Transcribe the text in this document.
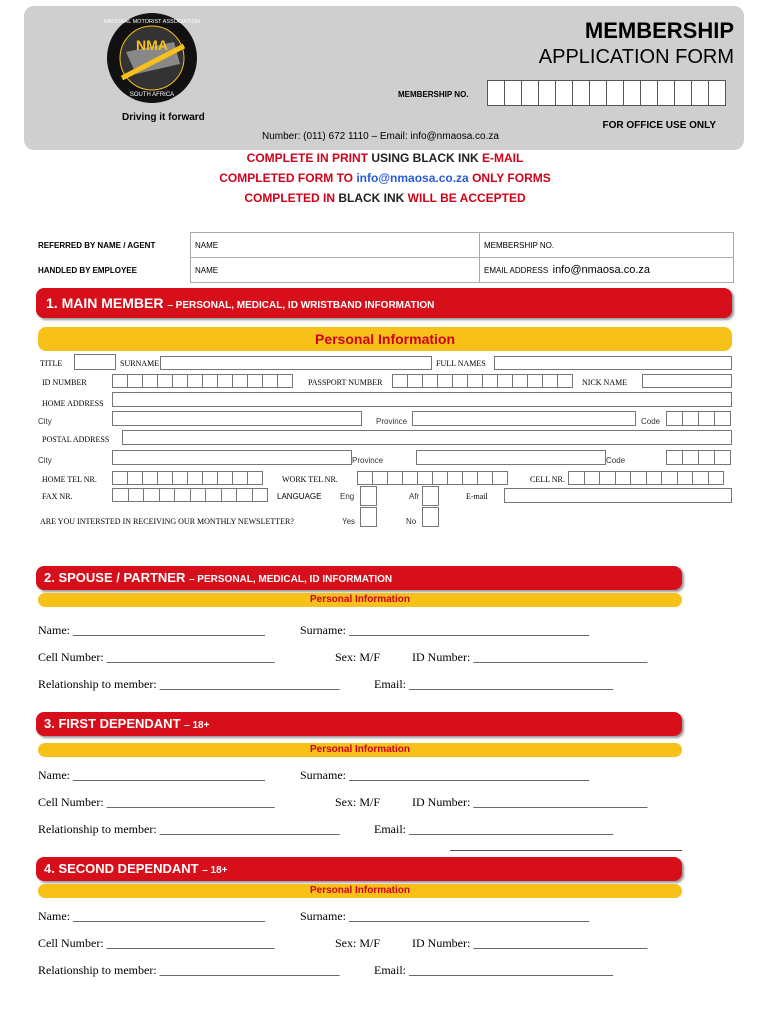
NMA
SOUTH AFRICA
NATIONAL MOTORIST ASSOCIATION	MEMBERSHIP
APPLICATION FORM
MEMBERSHIP NO.
Driving it forward
FOR OFFICE USE ONLY
Number: (011) 672 1110 – Email: info@nmaosa.co.za
COMPLETE IN PRINT USING BLACK INK E-MAIL
COMPLETED FORM TO info@nmaosa.co.za ONLY FORMS
COMPLETED IN BLACK INK WILL BE ACCEPTED
REFERRED BY NAME / AGENT	NAME	MEMBERSHIP NO.
HANDLED BY EMPLOYEE	NAME	EMAIL ADDRESS info@nmaosa.co.za
1. MAIN MEMBER – PERSONAL, MEDICAL, ID WRISTBAND INFORMATION
Personal Information
TITLE	SURNAME	FULL NAMES
ID NUMBER	PASSPORT NUMBER	NICK NAME
HOME ADDRESS
City	Province	Code
POSTAL ADDRESS
City	Province	Code
HOME TEL NR.	WORK TEL NR.	CELL NR.
FAX NR.	LANGUAGE Eng	Afr	E-mail
ARE YOU INTERSTED IN RECEIVING OUR MONTHLY NEWSLETTER?	Yes	No
2. SPOUSE / PARTNER – PERSONAL, MEDICAL, ID INFORMATION
Personal Information
Name: ________________________________	Surname: ________________________________________
Cell Number: ____________________________	Sex: M/F	ID Number: _____________________________
Relationship to member: ______________________________	Email: __________________________________
3. FIRST DEPENDANT – 18+
Personal Information
Name: ________________________________	Surname: ________________________________________
Cell Number: ____________________________	Sex: M/F	ID Number: _____________________________
Relationship to member: ______________________________	Email: __________________________________
4. SECOND DEPENDANT – 18+
Personal Information
Name: ________________________________	Surname: ________________________________________
Cell Number: ____________________________	Sex: M/F	ID Number: _____________________________
Relationship to member: ______________________________	Email: __________________________________
